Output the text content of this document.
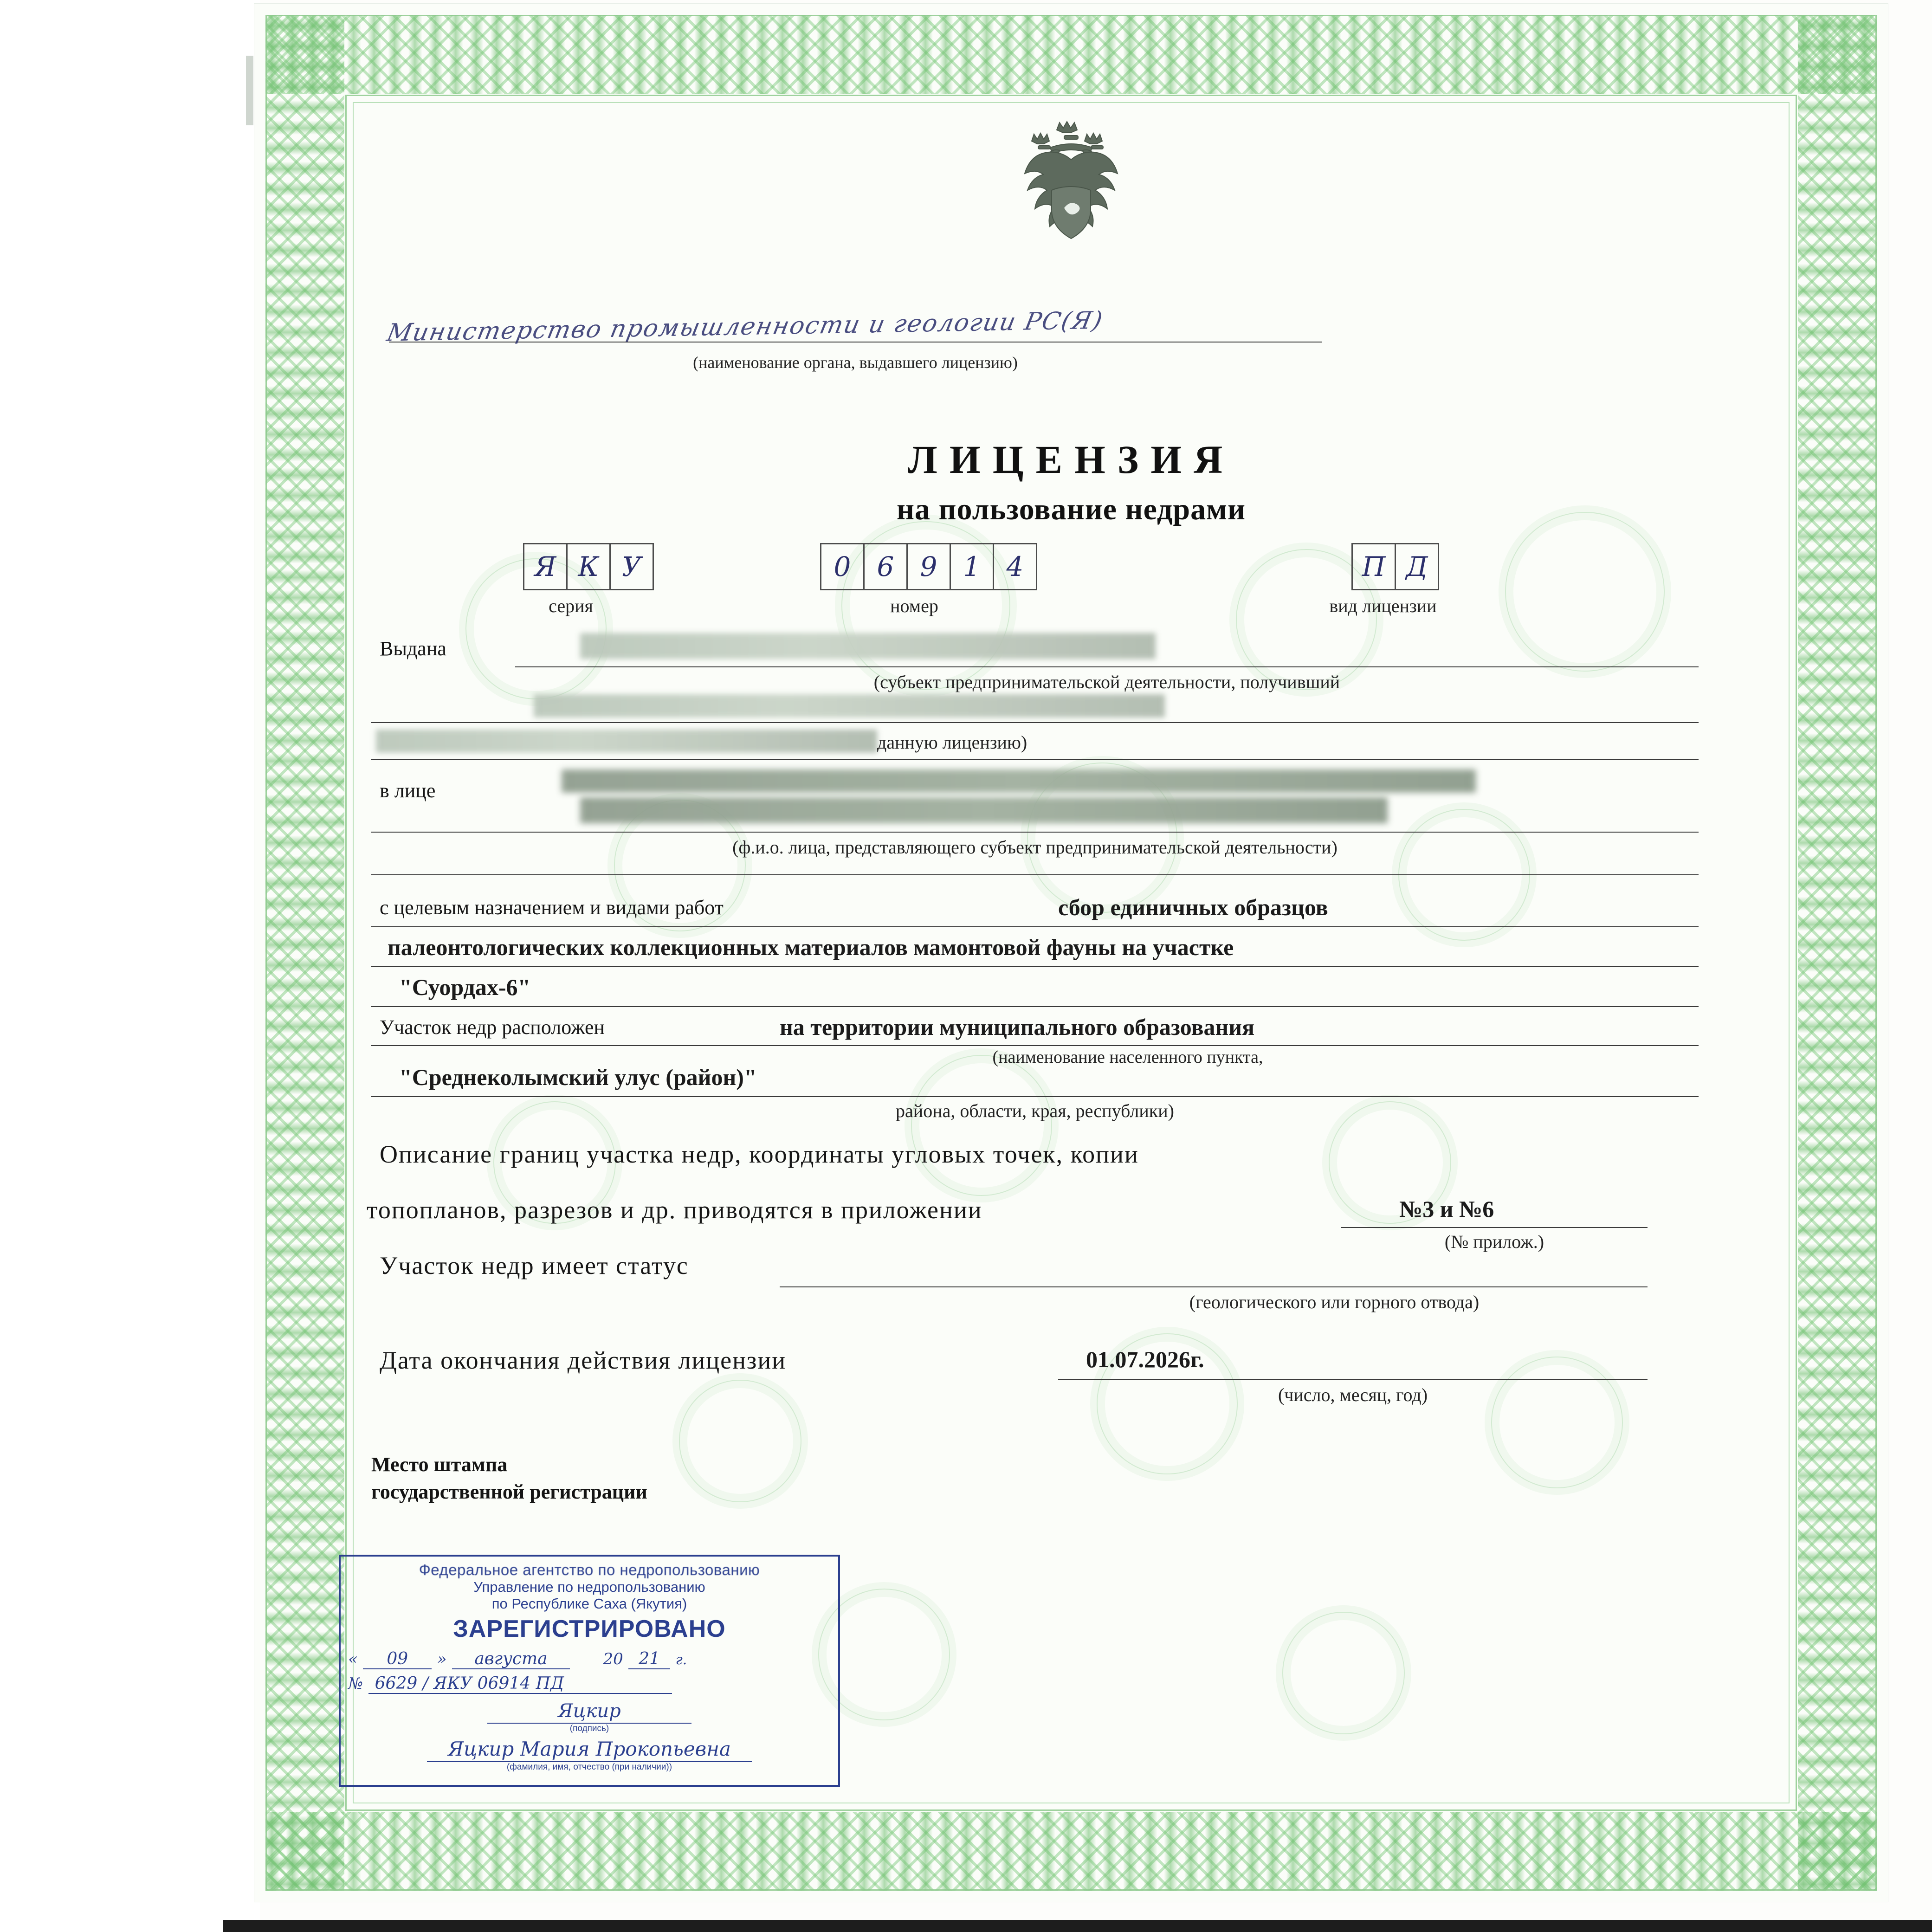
Министерство промышленности и геологии РС(Я)
(наименование органа, выдавшего лицензию)
ЛИЦЕНЗИЯ
на пользование недрами
Я К У	0 6 9 1 4	П Д
серия	номер	вид лицензии
Выдана
(субъект предпринимательской деятельности, получивший
данную лицензию)
в лице
(ф.и.о. лица, представляющего субъект предпринимательской деятельности)
с целевым назначением и видами работ	сбор единичных образцов
палеонтологических коллекционных материалов мамонтовой фауны на участке
"Суордах-6"
Участок недр расположен	на территории муниципального образования
(наименование населенного пункта,
"Среднеколымский улус (район)"
района, области, края, республики)
Описание границ участка недр, координаты угловых точек, копии
топопланов, разрезов и др. приводятся в приложении	№3 и №6
(№ прилож.)
Участок недр имеет статус
(геологического или горного отвода)
Дата окончания действия лицензии	01.07.2026г.
(число, месяц, год)
Место штампа
государственной регистрации
Федеральное агентство по недропользованию
Управление по недропользованию
по Республике Саха (Якутия)
ЗАРЕГИСТРИРОВАНО
« 09 » августа	20 21 г.
№ 6629 / ЯКУ 06914 ПД
Яцкир
(подпись)
Яцкир Мария Прокопьевна
(фамилия, имя, отчество (при наличии))
